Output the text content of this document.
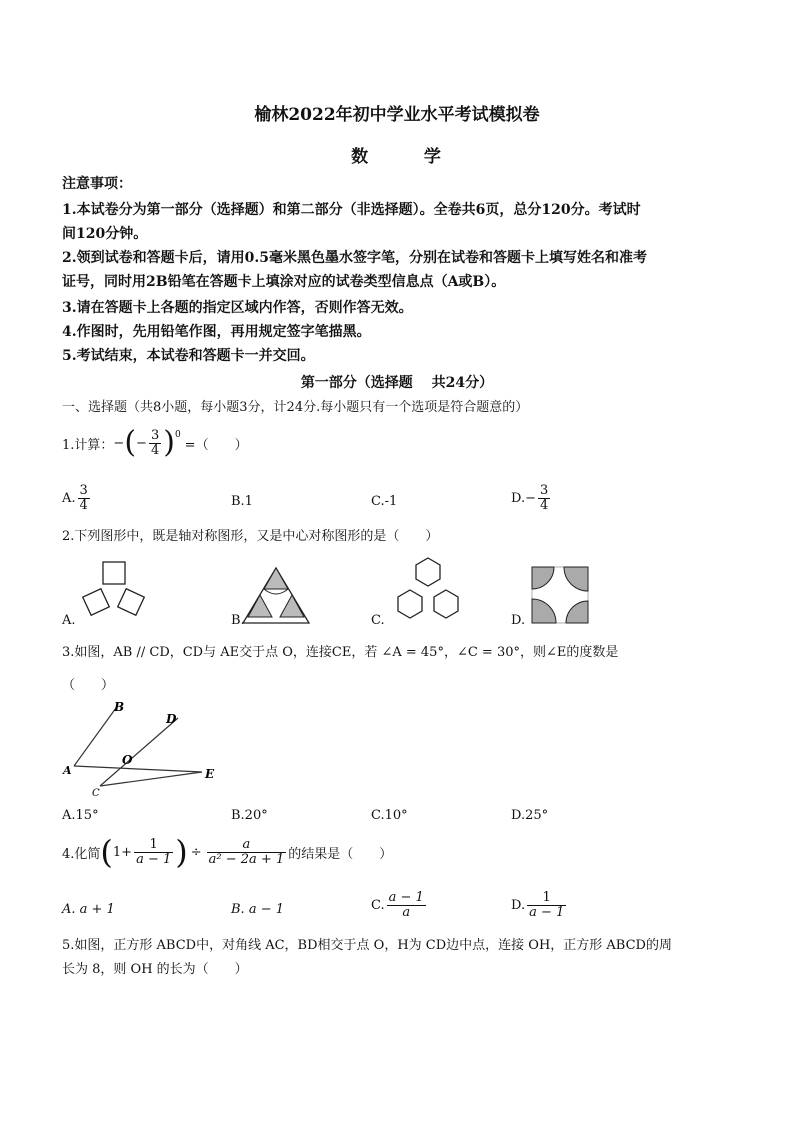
榆林2022年初中学业水平考试模拟卷
数	学
注意事项：
1.本试卷分为第一部分（选择题）和第二部分（非选择题）。全卷共6页，总分120分。考试时
间120分钟。
2.领到试卷和答题卡后，请用0.5毫米黑色墨水签字笔，分别在试卷和答题卡上填写姓名和准考
证号，同时用2B铅笔在答题卡上填涂对应的试卷类型信息点（A或B）。
3.请在答题卡上各题的指定区域内作答，否则作答无效。
4.作图时，先用铅笔作图，再用规定签字笔描黑。
5.考试结束，本试卷和答题卡一并交回。
第一部分（选择题　 共24分）
一、选择题（共8小题，每小题3分，计24分.每小题只有一个选项是符合题意的）
1.计算： − ( − $\frac{3}{4}$ ) 0
=（　　）
A. $\frac{3}{4}$	B.1	C.-1	$D.- \frac{3}{4}$
2.下列图形中，既是轴对称图形，又是中心对称图形的是（　　）
A.	B.	C.	D.
3.如图，AB // CD，CD与 AE交于点 O，连接CE，若 ∠A = 45°，∠C = 30°，则∠E的度数是
（　　）
B
D
O
A
C
E
A.15°	B.20°	C.10°	D.25°
4.化简 ( $1+ \frac{1}{a - 1}$ ) ÷ $\frac{a}{\text{a² − 2a + 1}}$ 的结果是（　　）
A. a + 1	B. a − 1	C. $\frac{a - 1}{a}$	D. $\frac{1}{a - 1}$
5.如图，正方形 ABCD中，对角线 AC，BD相交于点 O，H为 CD边中点，连接 OH，正方形 ABCD的周
长为 8，则 OH 的长为（　　）
